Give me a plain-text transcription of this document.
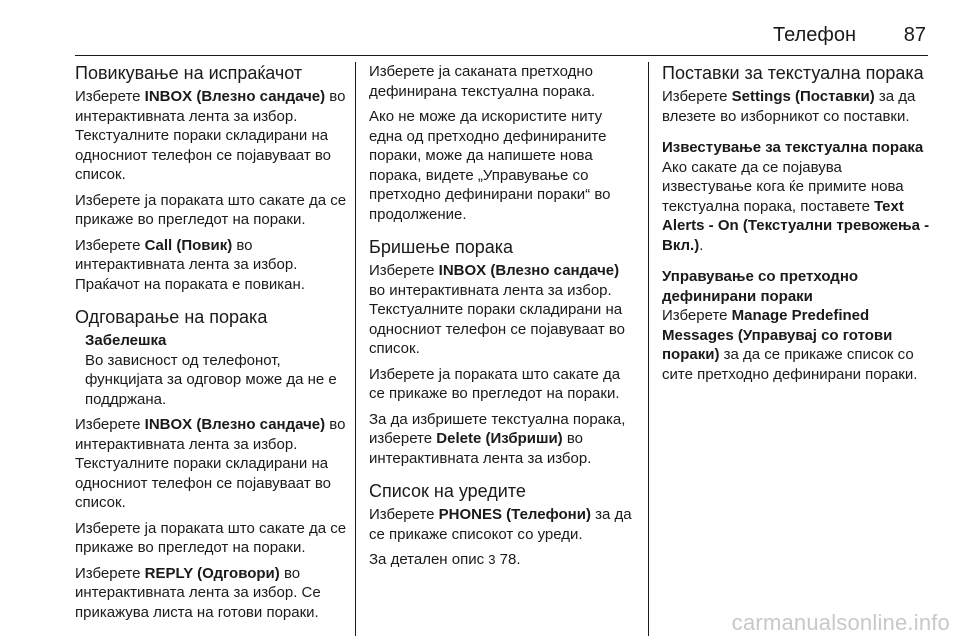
Телефон 87
Повикување на испраќачот

Изберете INBOX (Влезно сандаче) во интерактивната лента за избор. Текстуалните пораки складирани на односниот телефон се појавуваат во список.

Изберете ја пораката што сакате да се прикаже во прегледот на пораки.

Изберете Call (Повик) во интерактивната лента за избор. Праќачот на пораката е повикан.

Одговарање на порака
Забелешка
Во зависност од телефонот, функцијата за одговор може да не е поддржана.

Изберете INBOX (Влезно сандаче) во интерактивната лента за избор. Текстуалните пораки складирани на односниот телефон се појавуваат во список.

Изберете ја пораката што сакате да се прикаже во прегледот на пораки.

Изберете REPLY (Одговори) во интерактивната лента за избор. Се прикажува листа на готови пораки.

Изберете ја саканата претходно дефинирана текстуална порака.

Ако не може да искористите ниту една од претходно дефинираните пораки, може да напишете нова порака, видете „Управување со претходно дефинирани пораки“ во продолжение.

Бришење порака

Изберете INBOX (Влезно сандаче) во интерактивната лента за избор. Текстуалните пораки складирани на односниот телефон се појавуваат во список.

Изберете ја пораката што сакате да се прикаже во прегледот на пораки.

За да избришете текстуална порака, изберете Delete (Избриши) во интерактивната лента за избор.

Список на уредите

Изберете PHONES (Телефони) за да се прикаже списокот со уреди.

За детален опис 3 78.

Поставки за текстуална порака

Изберете Settings (Поставки) за да влезете во изборникот со поставки.

Известување за текстуална порака

Ако сакате да се појавува известување кога ќе примите нова текстуална порака, поставете Text Alerts - On (Текстуални тревожења - Вкл.).

Управување со претходно дефинирани пораки

Изберете Manage Predefined Messages (Управувај со готови пораки) за да се прикаже список со сите претходно дефинирани пораки.

carmanualsonline.info
